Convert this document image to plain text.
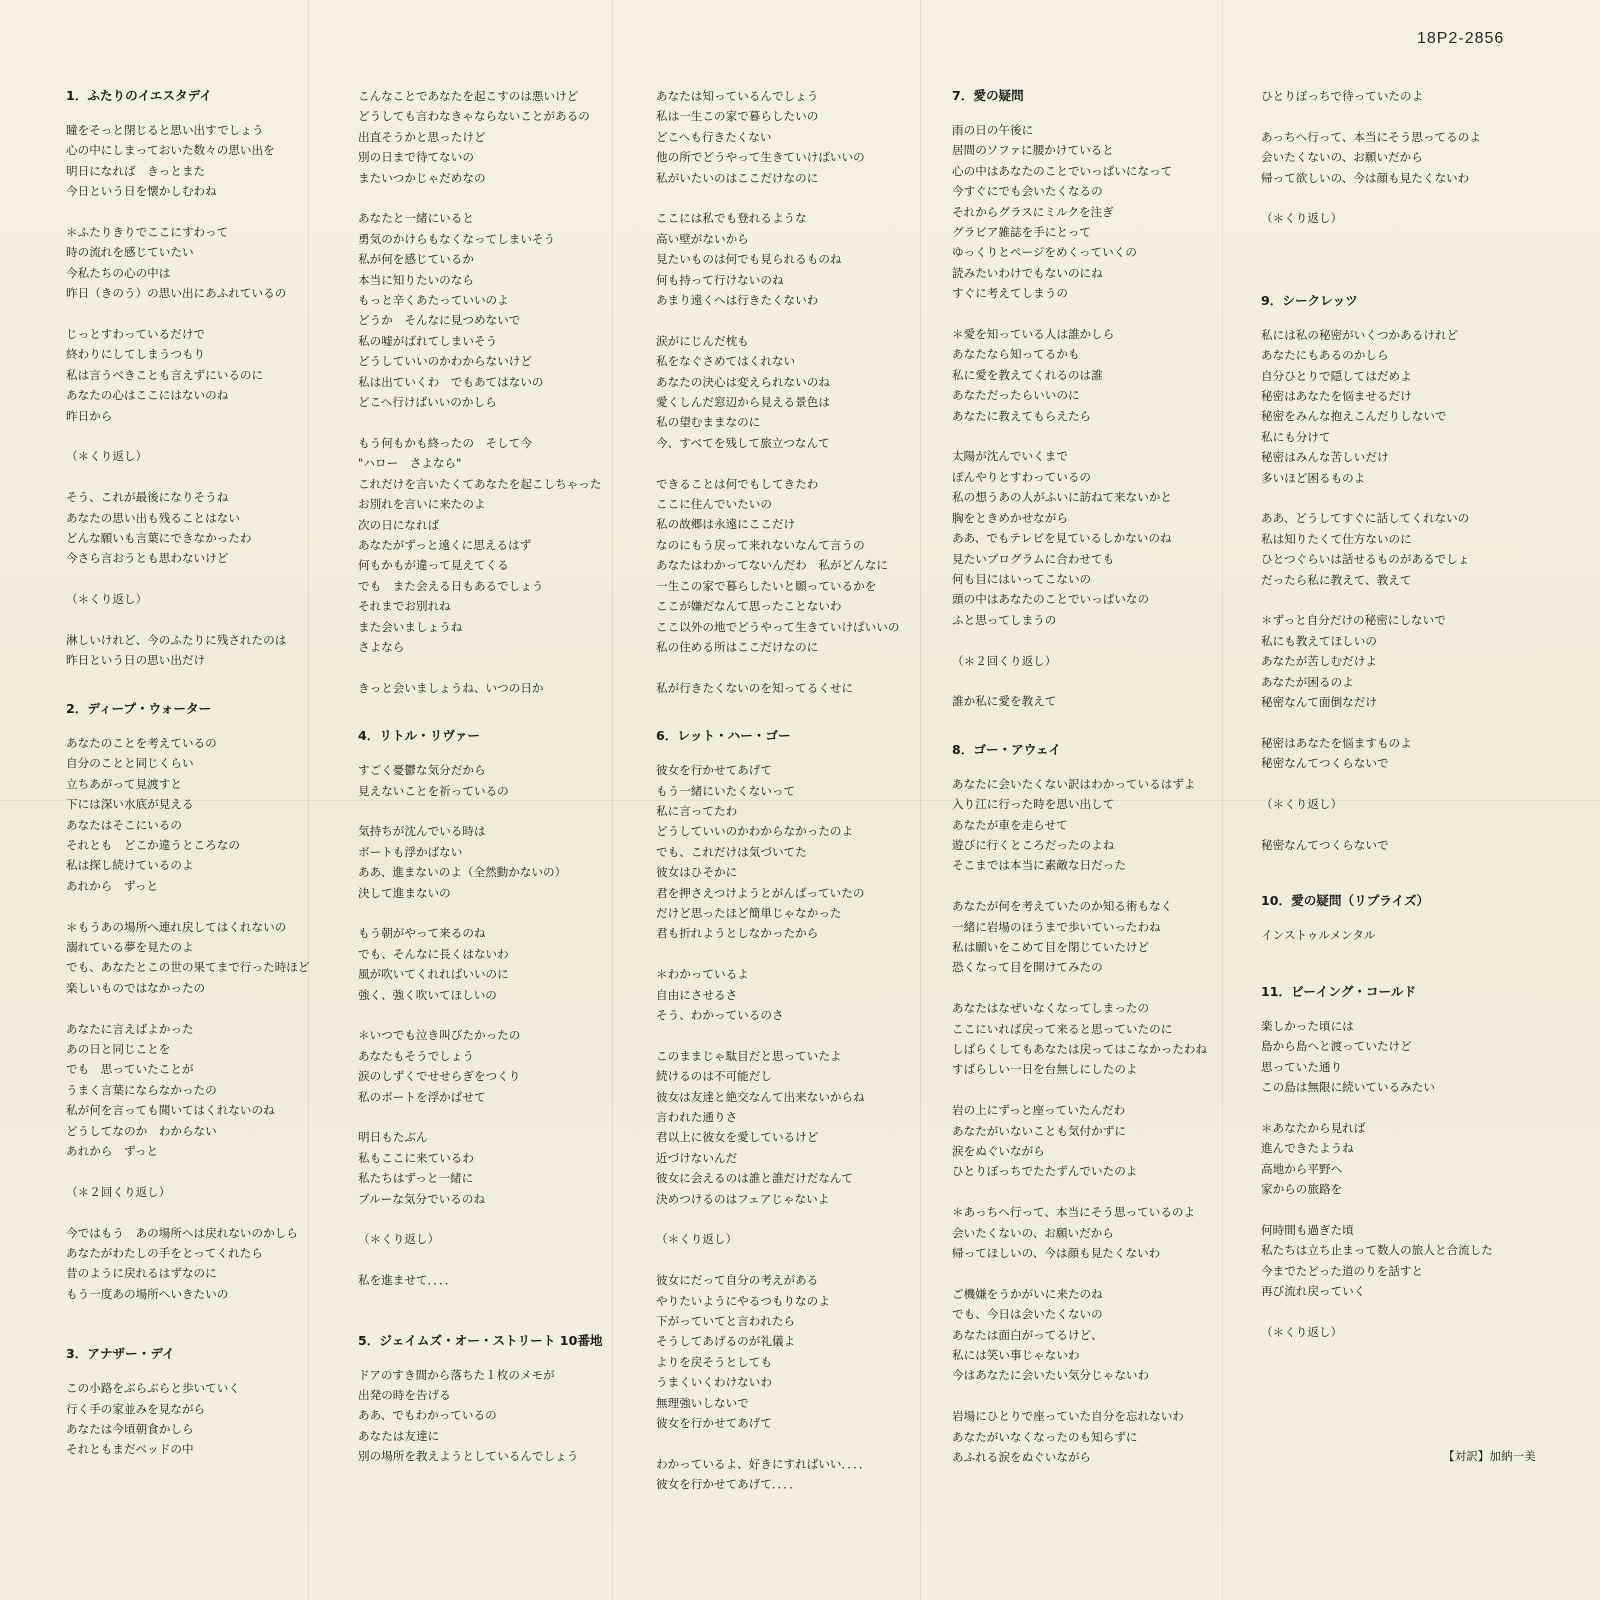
18P2-2856
1．ふたりのイエスタデイ
瞳をそっと閉じると思い出すでしょう
心の中にしまっておいた数々の思い出を
明日になれば　きっとまた
今日という日を懐かしむわね
＊ふたりきりでここにすわって
時の流れを感じていたい
今私たちの心の中は
昨日（きのう）の思い出にあふれているの
じっとすわっているだけで
終わりにしてしまうつもり
私は言うべきことも言えずにいるのに
あなたの心はここにはないのね
昨日から
（＊くり返し）
そう、これが最後になりそうね
あなたの思い出も残ることはない
どんな願いも言葉にできなかったわ
今さら言おうとも思わないけど
（＊くり返し）
淋しいけれど、今のふたりに残されたのは
昨日という日の思い出だけ
2．ディープ・ウォーター
あなたのことを考えているの
自分のことと同じくらい
立ちあがって見渡すと
下には深い水底が見える
あなたはそこにいるの
それとも　どこか違うところなの
私は探し続けているのよ
あれから　ずっと
＊もうあの場所へ連れ戻してはくれないの
溺れている夢を見たのよ
でも、あなたとこの世の果てまで行った時ほど
楽しいものではなかったの
あなたに言えばよかった
あの日と同じことを
でも　思っていたことが
うまく言葉にならなかったの
私が何を言っても聞いてはくれないのね
どうしてなのか　わからない
あれから　ずっと
（＊２回くり返し）
今ではもう　あの場所へは戻れないのかしら
あなたがわたしの手をとってくれたら
昔のように戻れるはずなのに
もう一度あの場所へいきたいの
3．アナザー・デイ
この小路をぶらぶらと歩いていく
行く手の家並みを見ながら
あなたは今頃朝食かしら
それともまだベッドの中
こんなことであなたを起こすのは悪いけど
どうしても言わなきゃならないことがあるの
出直そうかと思ったけど
別の日まで待てないの
またいつかじゃだめなの
あなたと一緒にいると
勇気のかけらもなくなってしまいそう
私が何を感じているか
本当に知りたいのなら
もっと辛くあたっていいのよ
どうか　そんなに見つめないで
私の嘘がばれてしまいそう
どうしていいのかわからないけど
私は出ていくわ　でもあてはないの
どこへ行けばいいのかしら
もう何もかも終ったの　そして今
"ハロー　さよなら"
これだけを言いたくてあなたを起こしちゃった
お別れを言いに来たのよ
次の日になれば
あなたがずっと遠くに思えるはず
何もかもが違って見えてくる
でも　また会える日もあるでしょう
それまでお別れね
また会いましょうね
さよなら
きっと会いましょうね、いつの日か
4．リトル・リヴァー
すごく憂鬱な気分だから
見えないことを祈っているの
気持ちが沈んでいる時は
ボートも浮かばない
ああ、進まないのよ（全然動かないの）
決して進まないの
もう朝がやって来るのね
でも、そんなに長くはないわ
風が吹いてくれればいいのに
強く、強く吹いてほしいの
＊いつでも泣き叫びたかったの
あなたもそうでしょう
涙のしずくでせせらぎをつくり
私のボートを浮かばせて
明日もたぶん
私もここに来ているわ
私たちはずっと一緒に
ブルーな気分でいるのね
（＊くり返し）
私を進ませて．．．．
5．ジェイムズ・オー・ストリート 10番地
ドアのすき間から落ちた１枚のメモが
出発の時を告げる
ああ、でもわかっているの
あなたは友達に
別の場所を教えようとしているんでしょう
あなたは知っているんでしょう
私は一生この家で暮らしたいの
どこへも行きたくない
他の所でどうやって生きていけばいいの
私がいたいのはここだけなのに
ここには私でも登れるような
高い壁がないから
見たいものは何でも見られるものね
何も持って行けないのね
あまり遠くへは行きたくないわ
涙がにじんだ枕も
私をなぐさめてはくれない
あなたの決心は変えられないのね
愛くしんだ窓辺から見える景色は
私の望むままなのに
今、すべてを残して旅立つなんて
できることは何でもしてきたわ
ここに住んでいたいの
私の故郷は永遠にここだけ
なのにもう戻って来れないなんて言うの
あなたはわかってないんだわ　私がどんなに
一生この家で暮らしたいと願っているかを
ここが嫌だなんて思ったことないわ
ここ以外の地でどうやって生きていけばいいの
私の住める所はここだけなのに
私が行きたくないのを知ってるくせに
6．レット・ハー・ゴー
彼女を行かせてあげて
もう一緒にいたくないって
私に言ってたわ
どうしていいのかわからなかったのよ
でも、これだけは気づいてた
彼女はひそかに
君を押さえつけようとがんばっていたの
だけど思ったほど簡単じゃなかった
君も折れようとしなかったから
＊わかっているよ
自由にさせるさ
そう、わかっているのさ
このままじゃ駄目だと思っていたよ
続けるのは不可能だし
彼女は友達と絶交なんて出来ないからね
言われた通りさ
君以上に彼女を愛しているけど
近づけないんだ
彼女に会えるのは誰と誰だけだなんて
決めつけるのはフェアじゃないよ
（＊くり返し）
彼女にだって自分の考えがある
やりたいようにやるつもりなのよ
下がっていてと言われたら
そうしてあげるのが礼儀よ
よりを戻そうとしても
うまくいくわけないわ
無理強いしないで
彼女を行かせてあげて
わかっているよ、好きにすればいい．．．．
彼女を行かせてあげて．．．．
7．愛の疑問
雨の日の午後に
居間のソファに腰かけていると
心の中はあなたのことでいっぱいになって
今すぐにでも会いたくなるの
それからグラスにミルクを注ぎ
グラビア雑誌を手にとって
ゆっくりとページをめくっていくの
読みたいわけでもないのにね
すぐに考えてしまうの
＊愛を知っている人は誰かしら
あなたなら知ってるかも
私に愛を教えてくれるのは誰
あなただったらいいのに
あなたに教えてもらえたら
太陽が沈んでいくまで
ぼんやりとすわっているの
私の想うあの人がふいに訪ねて来ないかと
胸をときめかせながら
ああ、でもテレビを見ているしかないのね
見たいプログラムに合わせても
何も目にはいってこないの
頭の中はあなたのことでいっぱいなの
ふと思ってしまうの
（＊２回くり返し）
誰か私に愛を教えて
8．ゴー・アウェイ
あなたに会いたくない訳はわかっているはずよ
入り江に行った時を思い出して
あなたが車を走らせて
遊びに行くところだったのよね
そこまでは本当に素敵な日だった
あなたが何を考えていたのか知る術もなく
一緒に岩場のほうまで歩いていったわね
私は願いをこめて目を閉じていたけど
恐くなって目を開けてみたの
あなたはなぜいなくなってしまったの
ここにいれば戻って来ると思っていたのに
しばらくしてもあなたは戻ってはこなかったわね
すばらしい一日を台無しにしたのよ
岩の上にずっと座っていたんだわ
あなたがいないことも気付かずに
涙をぬぐいながら
ひとりぼっちでたたずんでいたのよ
＊あっちへ行って、本当にそう思っているのよ
会いたくないの、お願いだから
帰ってほしいの、今は顔も見たくないわ
ご機嫌をうかがいに来たのね
でも、今日は会いたくないの
あなたは面白がってるけど、
私には笑い事じゃないわ
今はあなたに会いたい気分じゃないわ
岩場にひとりで座っていた自分を忘れないわ
あなたがいなくなったのも知らずに
あふれる涙をぬぐいながら
ひとりぼっちで待っていたのよ
あっちへ行って、本当にそう思ってるのよ
会いたくないの、お願いだから
帰って欲しいの、今は顔も見たくないわ
（＊くり返し）
9．シークレッツ
私には私の秘密がいくつかあるけれど
あなたにもあるのかしら
自分ひとりで隠してはだめよ
秘密はあなたを悩ませるだけ
秘密をみんな抱えこんだりしないで
私にも分けて
秘密はみんな苦しいだけ
多いほど困るものよ
ああ、どうしてすぐに話してくれないの
私は知りたくて仕方ないのに
ひとつぐらいは話せるものがあるでしょ
だったら私に教えて、教えて
＊ずっと自分だけの秘密にしないで
私にも教えてほしいの
あなたが苦しむだけよ
あなたが困るのよ
秘密なんて面倒なだけ
秘密はあなたを悩ますものよ
秘密なんてつくらないで
（＊くり返し）
秘密なんてつくらないで
10．愛の疑問（リプライズ）
インストゥルメンタル
11．ビーイング・コールド
楽しかった頃には
島から島へと渡っていたけど
思っていた通り
この島は無限に続いているみたい
＊あなたから見れば
進んできたようね
高地から平野へ
家からの旅路を
何時間も過ぎた頃
私たちは立ち止まって数人の旅人と合流した
今までたどった道のりを話すと
再び流れ戻っていく
（＊くり返し）
【対訳】加納一美
